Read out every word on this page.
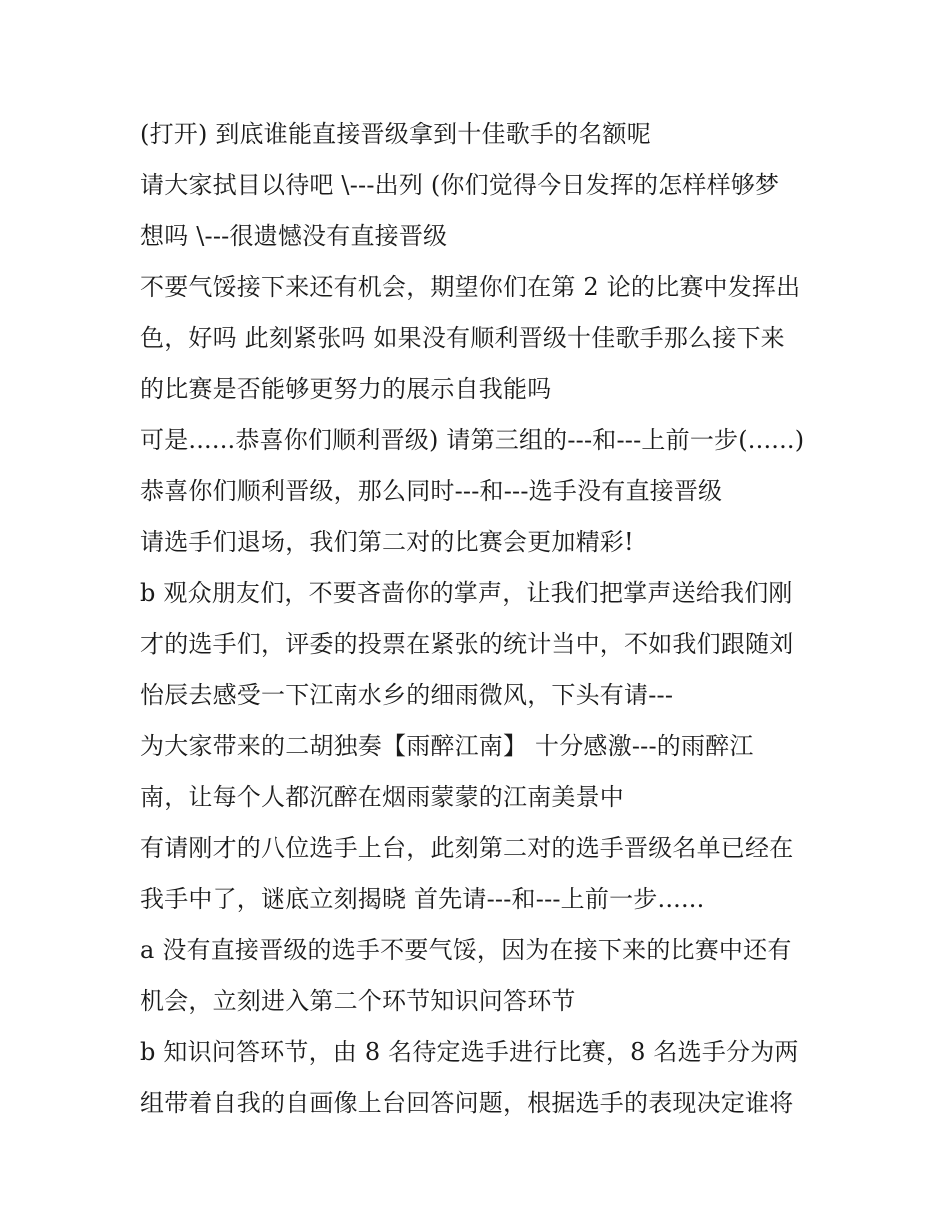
(打开) 到底谁能直接晋级拿到十佳歌手的名额呢

请大家拭目以待吧 \---出列 (你们觉得今日发挥的怎样样够梦

想吗 \---很遗憾没有直接晋级

不要气馁接下来还有机会，期望你们在第 2 论的比赛中发挥出

色，好吗 此刻紧张吗 如果没有顺利晋级十佳歌手那么接下来

的比赛是否能够更努力的展示自我能吗

可是......恭喜你们顺利晋级) 请第三组的---和---上前一步(......)

恭喜你们顺利晋级，那么同时---和---选手没有直接晋级

请选手们退场，我们第二对的比赛会更加精彩!

b 观众朋友们，不要吝啬你的掌声，让我们把掌声送给我们刚

才的选手们，评委的投票在紧张的统计当中，不如我们跟随刘

怡辰去感受一下江南水乡的细雨微风，下头有请---

为大家带来的二胡独奏【雨醉江南】 十分感激---的雨醉江

南，让每个人都沉醉在烟雨蒙蒙的江南美景中

有请刚才的八位选手上台，此刻第二对的选手晋级名单已经在

我手中了，谜底立刻揭晓 首先请---和---上前一步......

a 没有直接晋级的选手不要气馁，因为在接下来的比赛中还有

机会，立刻进入第二个环节知识问答环节

b 知识问答环节，由 8 名待定选手进行比赛，8 名选手分为两

组带着自我的自画像上台回答问题，根据选手的表现决定谁将
